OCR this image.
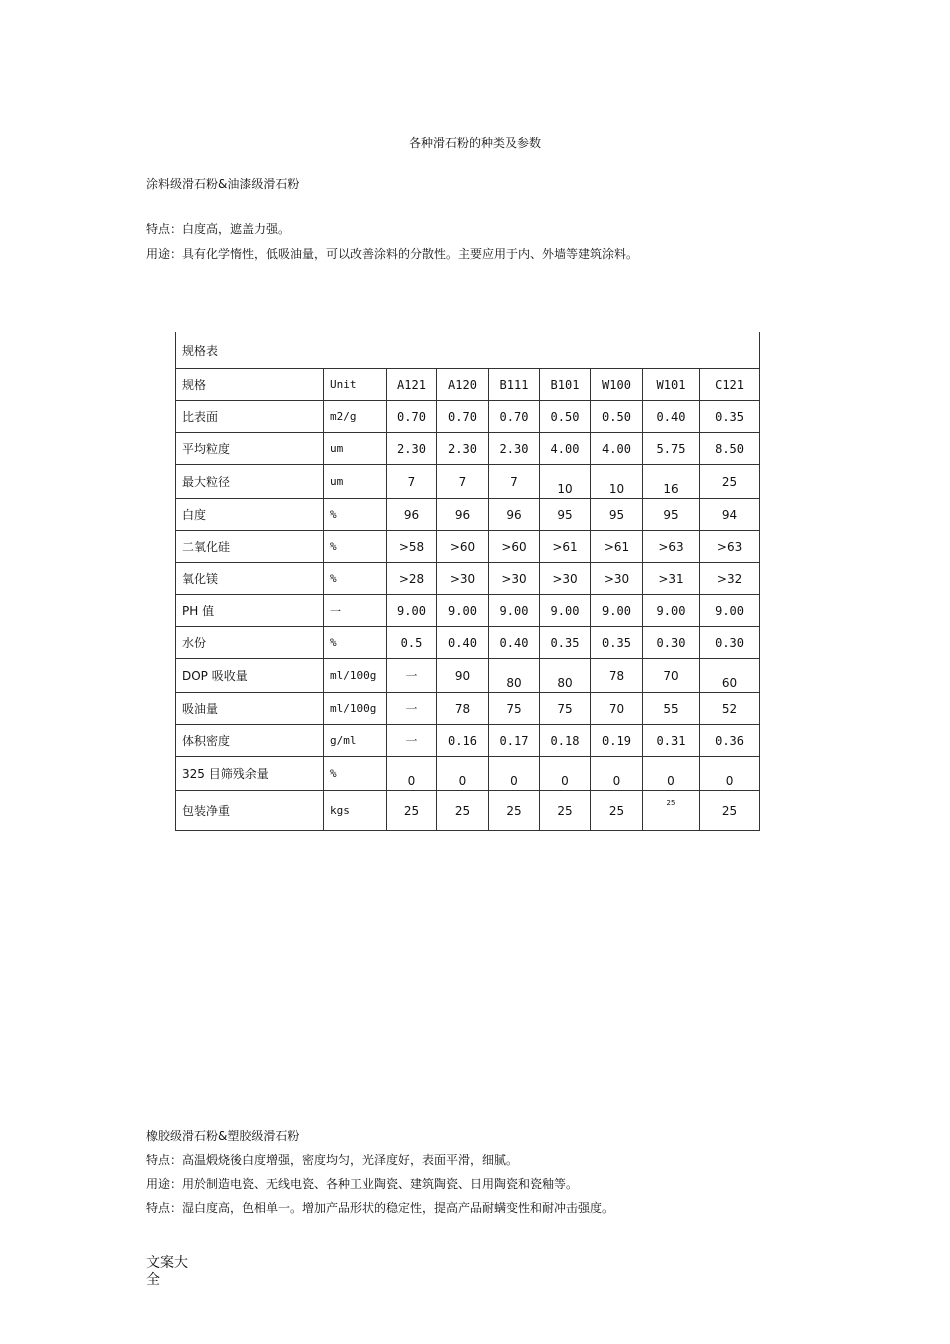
各种滑石粉的种类及参数
涂料级滑石粉&油漆级滑石粉
特点：白度高，遮盖力强。
用途：具有化学惰性，低吸油量，可以改善涂料的分散性。主要应用于内、外墙等建筑涂料。
规格表								
规格	Unit	A121	A120	B111	B101	W100	W101	C121
比表面	m2/g	0.70	0.70	0.70	0.50	0.50	0.40	0.35
平均粒度	um	2.30	2.30	2.30	4.00	4.00	5.75	8.50
最大粒径	um	7	7	7	10	10	16	25
白度	%	96	96	96	95	95	95	94
二氧化硅	%	>58	>60	>60	>61	>61	>63	>63
氧化镁	%	>28	>30	>30	>30	>30	>31	>32
PH 值	一	9.00	9.00	9.00	9.00	9.00	9.00	9.00
水份	%	0.5	0.40	0.40	0.35	0.35	0.30	0.30
DOP 吸收量	ml/100g	一	90	80	80	78	70	60
吸油量	ml/100g	一	78	75	75	70	55	52
体积密度	g/ml	一	0.16	0.17	0.18	0.19	0.31	0.36
325 目筛残余量	%	0	0	0	0	0	0	0
包装净重	kgs	25	25	25	25	25	25	25
橡胶级滑石粉&塑胶级滑石粉
特点：高温煅烧後白度增强，密度均匀，光泽度好，表面平滑，细腻。
用途：用於制造电瓷、无线电瓷、各种工业陶瓷、建筑陶瓷、日用陶瓷和瓷釉等。
特点：湿白度高，色相单一。增加产品形状的稳定性，提高产品耐螨变性和耐冲击强度。
文案大全
